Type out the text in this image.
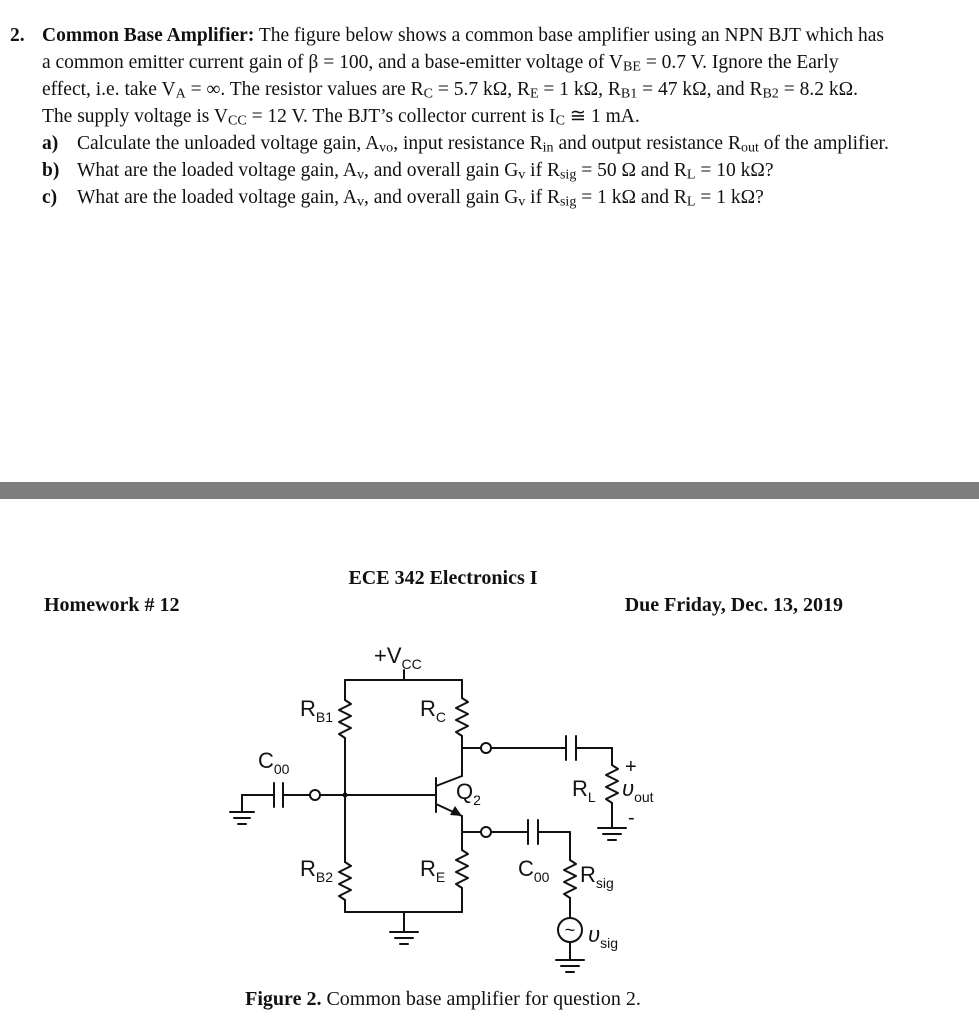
2. Common Base Amplifier: The figure below shows a common base amplifier using an NPN BJT which has a common emitter current gain of β = 100, and a base-emitter voltage of $V_{BE} = 0.7$ V. Ignore the Early effect, i.e. take $V_A$ = ∞. The resistor values are $R_C = 5.7$ kΩ, $R_E = 1$ kΩ, $R_{B1} = 47$ kΩ, and $R_{B2} = 8.2$ kΩ. The supply voltage is $V_{CC} = 12$ V. The BJT’s collector current is $I_C$ ≅ 1 mA.
a) Calculate the unloaded voltage gain, $A_{vo}$, input resistance $R_{in}$ and output resistance $R_{out}$ of the amplifier.
b) What are the loaded voltage gain, $A_v$, and overall gain $G_v$ if $R_{sig} = 50$ Ω and $R_L = 10$ kΩ?
c) What are the loaded voltage gain, $A_v$, and overall gain $G_v$ if $R_{sig} = 1$ kΩ and $R_L = 1$ kΩ?
ECE 342 Electronics I
Homework # 12	Due Friday, Dec. 13, 2019
$+V_{CC}$
$R_{B1}$	$R_C$
$C_{00}$
$Q_2$
+
$R_L$ $\upsilon_{out}$
-
$R_{B2}$	$R_E$	$C_{00}$ $R_{sig}$
~ $\upsilon_{sig}$
Figure 2. Common base amplifier for question 2.
